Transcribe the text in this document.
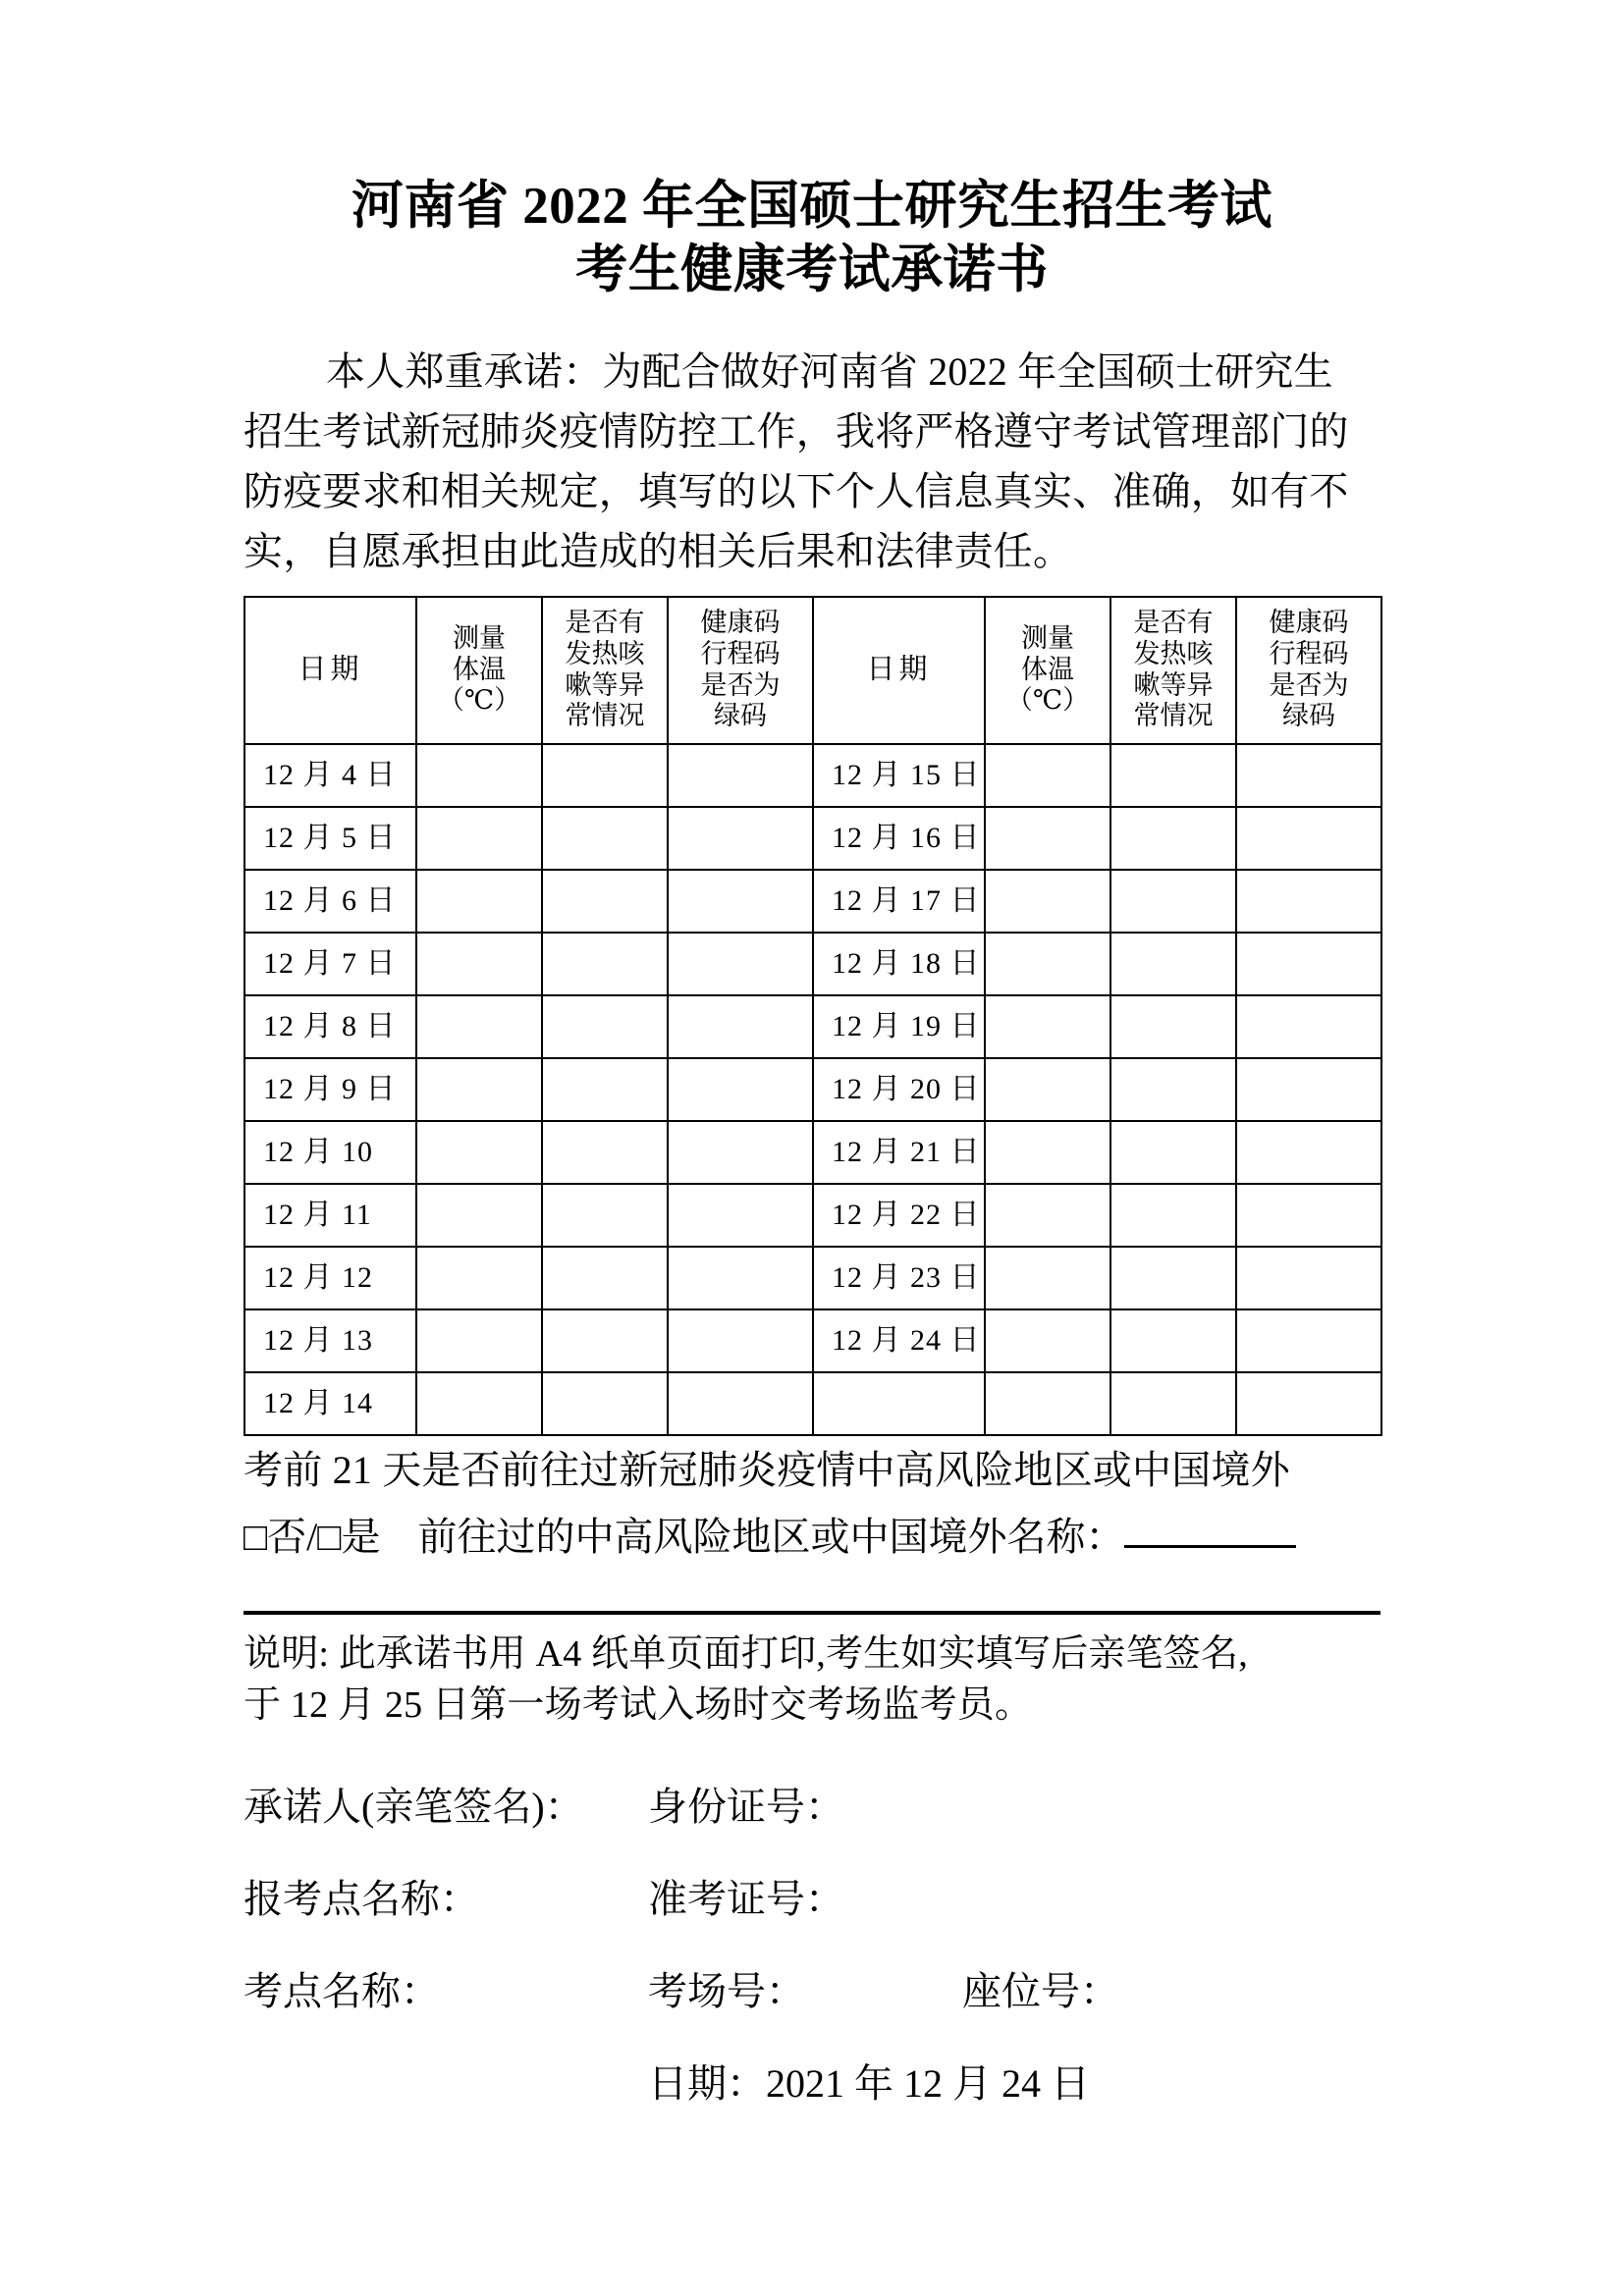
河南省 2022 年全国硕士研究生招生考试
考生健康考试承诺书
本人郑重承诺：为配合做好河南省 2022 年全国硕士研究生
招生考试新冠肺炎疫情防控工作，我将严格遵守考试管理部门的
防疫要求和相关规定，填写的以下个人信息真实、准确，如有不
实，自愿承担由此造成的相关后果和法律责任。
日期	测量
体温
（℃）	是否有
发热咳
嗽等异
常情况	健康码
行程码
是否为
绿码	日期	测量
体温
（℃）	是否有
发热咳
嗽等异
常情况	健康码
行程码
是否为
绿码

12 月 4 日				12 月 15 日			
12 月 5 日				12 月 16 日			
12 月 6 日				12 月 17 日			
12 月 7 日				12 月 18 日			
12 月 8 日				12 月 19 日			
12 月 9 日				12 月 20 日			
12 月 10				12 月 21 日			
12 月 11				12 月 22 日			
12 月 12				12 月 23 日			
12 月 13				12 月 24 日			
12 月 14							
考前 21 天是否前往过新冠肺炎疫情中高风险地区或中国境外
□否/□是 前往过的中高风险地区或中国境外名称：
说明: 此承诺书用 A4 纸单页面打印,考生如实填写后亲笔签名,
于 12 月 25 日第一场考试入场时交考场监考员。
承诺人(亲笔签名)：	身份证号：
报考点名称：	准考证号：
考点名称：	考场号：	座位号：
日期：2021 年 12 月 24 日
